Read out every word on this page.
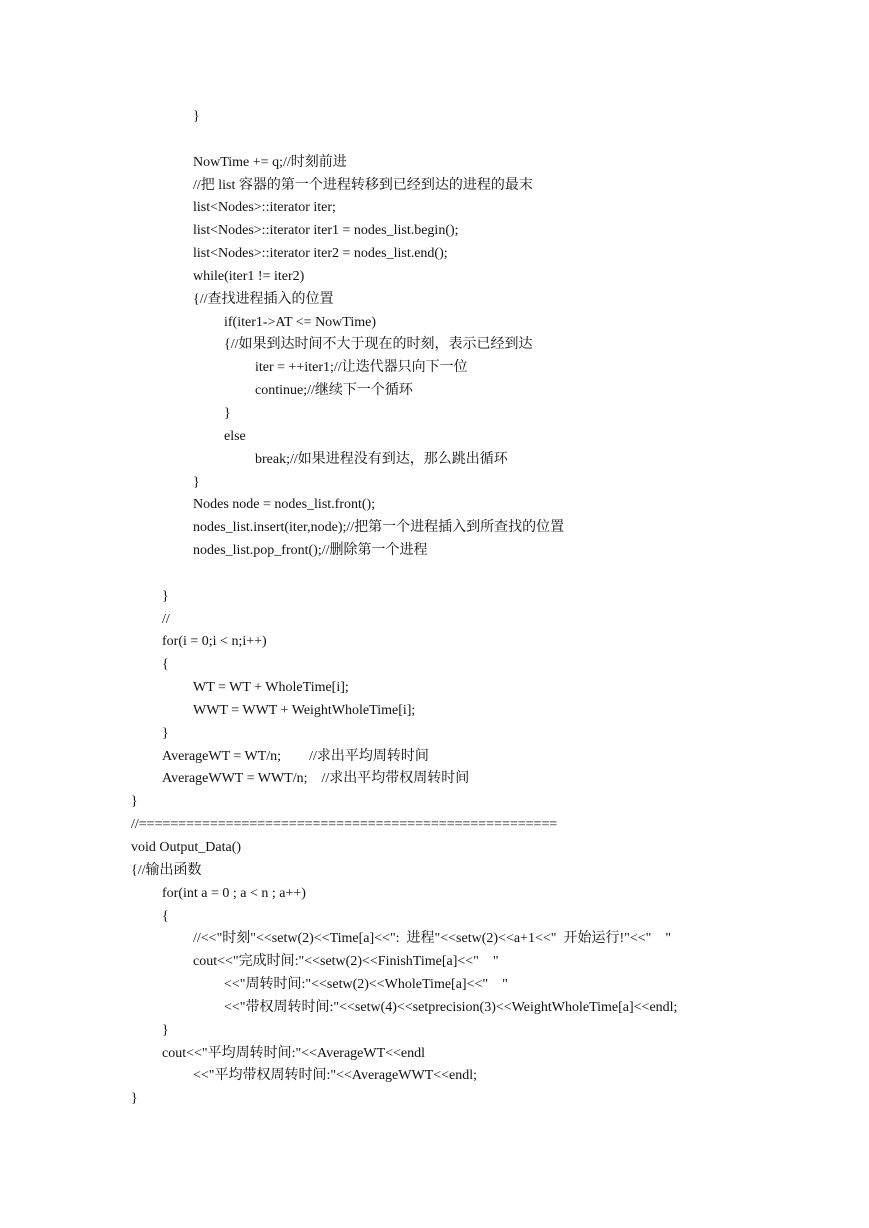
}
NowTime += q;//时刻前进
//把 list 容器的第一个进程转移到已经到达的进程的最末
list<Nodes>::iterator iter;
list<Nodes>::iterator iter1 = nodes_list.begin();
list<Nodes>::iterator iter2 = nodes_list.end();
while(iter1 != iter2)
{//查找进程插入的位置
if(iter1->AT <= NowTime)
{//如果到达时间不大于现在的时刻，表示已经到达
iter = ++iter1;//让迭代器只向下一位
continue;//继续下一个循环
}
else
break;//如果进程没有到达，那么跳出循环
}
Nodes node = nodes_list.front();
nodes_list.insert(iter,node);//把第一个进程插入到所查找的位置
nodes_list.pop_front();//删除第一个进程
}
//
for(i = 0;i < n;i++)
{
WT = WT + WholeTime[i];
WWT = WWT + WeightWholeTime[i];
}
AverageWT = WT/n;        //求出平均周转时间
AverageWWT = WWT/n;    //求出平均带权周转时间
}
//=====================================================
void Output_Data()
{//输出函数
for(int a = 0 ; a < n ; a++)
{
//<<"时刻"<<setw(2)<<Time[a]<<":  进程"<<setw(2)<<a+1<<"  开始运行!"<<"    "
cout<<"完成时间:"<<setw(2)<<FinishTime[a]<<"    "
<<"周转时间:"<<setw(2)<<WholeTime[a]<<"    "
<<"带权周转时间:"<<setw(4)<<setprecision(3)<<WeightWholeTime[a]<<endl;
}
cout<<"平均周转时间:"<<AverageWT<<endl
<<"平均带权周转时间:"<<AverageWWT<<endl;
}
